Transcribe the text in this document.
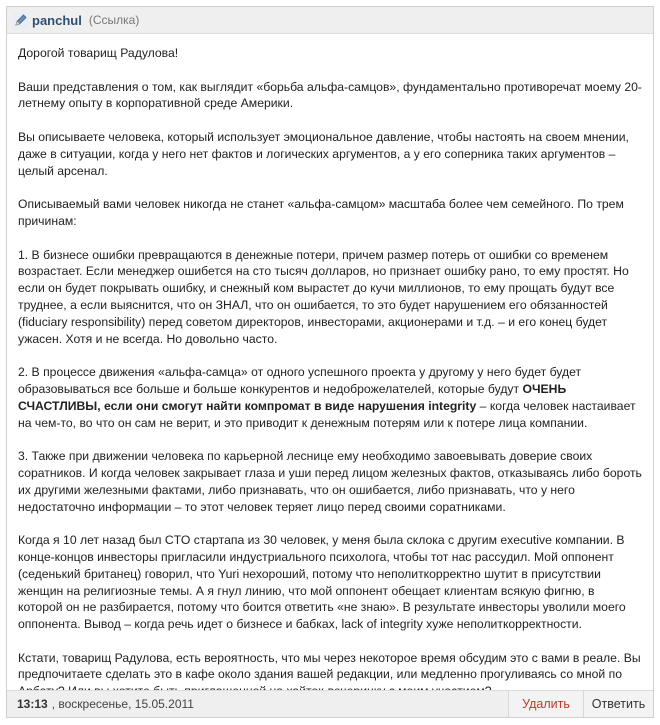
panchul (Ссылка)

Дорогой товарищ Радулова!

Ваши представления о том, как выглядит «борьба альфа-самцов», фундаментально противоречат моему 20-летнему опыту в корпоративной среде Америки.

Вы описываете человека, который использует эмоциональное давление, чтобы настоять на своем мнении, даже в ситуации, когда у него нет фактов и логических аргументов, а у его соперника таких аргументов – целый арсенал.

Описываемый вами человек никогда не станет «альфа-самцом» масштаба более чем семейного. По трем причинам:

1. В бизнесе ошибки превращаются в денежные потери, причем размер потерь от ошибки со временем возрастает. Если менеджер ошибется на сто тысяч долларов, но признает ошибку рано, то ему простят. Но если он будет покрывать ошибку, и снежный ком вырастет до кучи миллионов, то ему прощать будут все труднее, а если выяснится, что он ЗНАЛ, что он ошибается, то это будет нарушением его обязанностей (fiduciary responsibility) перед советом директоров, инвесторами, акционерами и т.д. – и его конец будет ужасен. Хотя и не всегда. Но довольно часто.

2. В процессе движения «альфа-самца» от одного успешного проекта у другому у него будет будет образовываться все больше и больше конкурентов и недоброжелателей, которые будут ОЧЕНЬ СЧАСТЛИВЫ, если они смогут найти компромат в виде нарушения integrity – когда человек настаивает на чем-то, во что он сам не верит, и это приводит к денежным потерям или к потере лица компании.

3. Также при движении человека по карьерной леснице ему необходимо завоевывать доверие своих соратников. И когда человек закрывает глаза и уши перед лицом железных фактов, отказываясь либо бороть их другими железными фактами, либо признавать, что он ошибается, либо признавать, что у него недостаточно информации – то этот человек теряет лицо перед своими соратниками.

Когда я 10 лет назад был CTO стартапа из 30 человек, у меня была склока с другим executive компании. В конце-концов инвесторы пригласили индустриального психолога, чтобы тот нас рассудил. Мой оппонент (седенький британец) говорил, что Yuri нехороший, потому что неполиткорректно шутит в присутствии женщин на религиозные темы. А я гнул линию, что мой оппонент обещает клиентам всякую фигню, в которой он не разбирается, потому что боится ответить «не знаю». В результате инвесторы уволили моего оппонента. Вывод – когда речь идет о бизнесе и бабках, lack of integrity хуже неполиткорректности.

Кстати, товарищ Радулова, есть вероятность, что мы через некоторое время обсудим это с вами в реале. Вы предпочитаете сделать это в кафе около здания вашей редакции, или медленно прогуливаясь со мной по

13:13 , воскресенье, 15.05.2011	Удалить	Ответить
